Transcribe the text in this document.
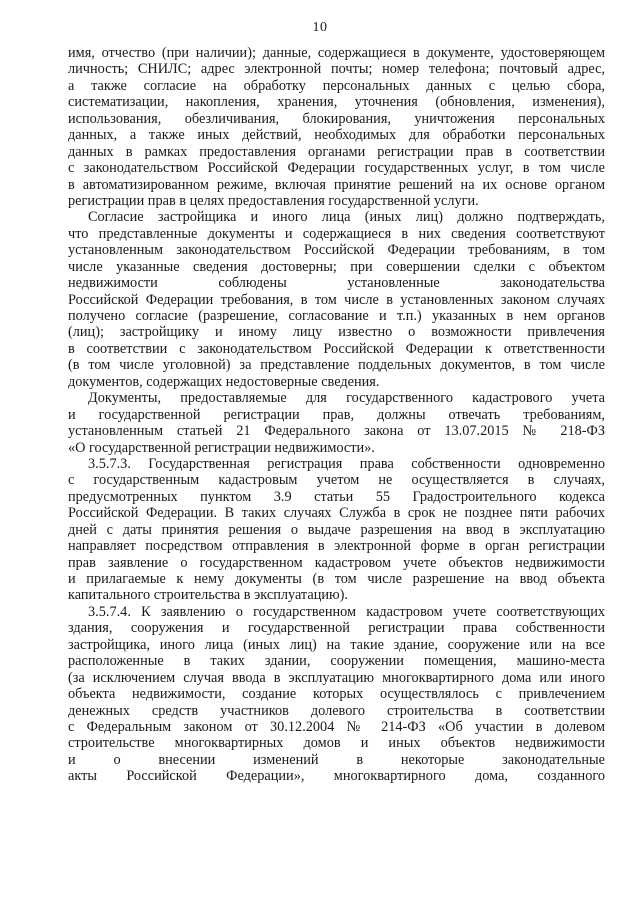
10
имя, отчество (при наличии); данные, содержащиеся в документе, удостоверяющем
личность; СНИЛС; адрес электронной почты; номер телефона; почтовый адрес,
а также согласие на обработку персональных данных с целью сбора,
систематизации, накопления, хранения, уточнения (обновления, изменения),
использования, обезличивания, блокирования, уничтожения персональных
данных, а также иных действий, необходимых для обработки персональных
данных в рамках предоставления органами регистрации прав в соответствии
с законодательством Российской Федерации государственных услуг, в том числе
в автоматизированном режиме, включая принятие решений на их основе органом
регистрации прав в целях предоставления государственной услуги.
Согласие застройщика и иного лица (иных лиц) должно подтверждать,
что представленные документы и содержащиеся в них сведения соответствуют
установленным законодательством Российской Федерации требованиям, в том
числе указанные сведения достоверны; при совершении сделки с объектом
недвижимости соблюдены установленные законодательства
Российской Федерации требования, в том числе в установленных законом случаях
получено согласие (разрешение, согласование и т.п.) указанных в нем органов
(лиц); застройщику и иному лицу известно о возможности привлечения
в соответствии с законодательством Российской Федерации к ответственности
(в том числе уголовной) за представление поддельных документов, в том числе
документов, содержащих недостоверные сведения.
Документы, предоставляемые для государственного кадастрового учета
и государственной регистрации прав, должны отвечать требованиям,
установленным статьей 21 Федерального закона от 13.07.2015 № 218-ФЗ
«О государственной регистрации недвижимости».
3.5.7.3. Государственная регистрация права собственности одновременно
с государственным кадастровым учетом не осуществляется в случаях,
предусмотренных пунктом 3.9 статьи 55 Градостроительного кодекса
Российской Федерации. В таких случаях Служба в срок не позднее пяти рабочих
дней с даты принятия решения о выдаче разрешения на ввод в эксплуатацию
направляет посредством отправления в электронной форме в орган регистрации
прав заявление о государственном кадастровом учете объектов недвижимости
и прилагаемые к нему документы (в том числе разрешение на ввод объекта
капитального строительства в эксплуатацию).
3.5.7.4. К заявлению о государственном кадастровом учете соответствующих
здания, сооружения и государственной регистрации права собственности
застройщика, иного лица (иных лиц) на такие здание, сооружение или на все
расположенные в таких здании, сооружении помещения, машино-места
(за исключением случая ввода в эксплуатацию многоквартирного дома или иного
объекта недвижимости, создание которых осуществлялось с привлечением
денежных средств участников долевого строительства в соответствии
с Федеральным законом от 30.12.2004 № 214-ФЗ «Об участии в долевом
строительстве многоквартирных домов и иных объектов недвижимости
и о внесении изменений в некоторые законодательные
акты Российской Федерации», многоквартирного дома, созданного
